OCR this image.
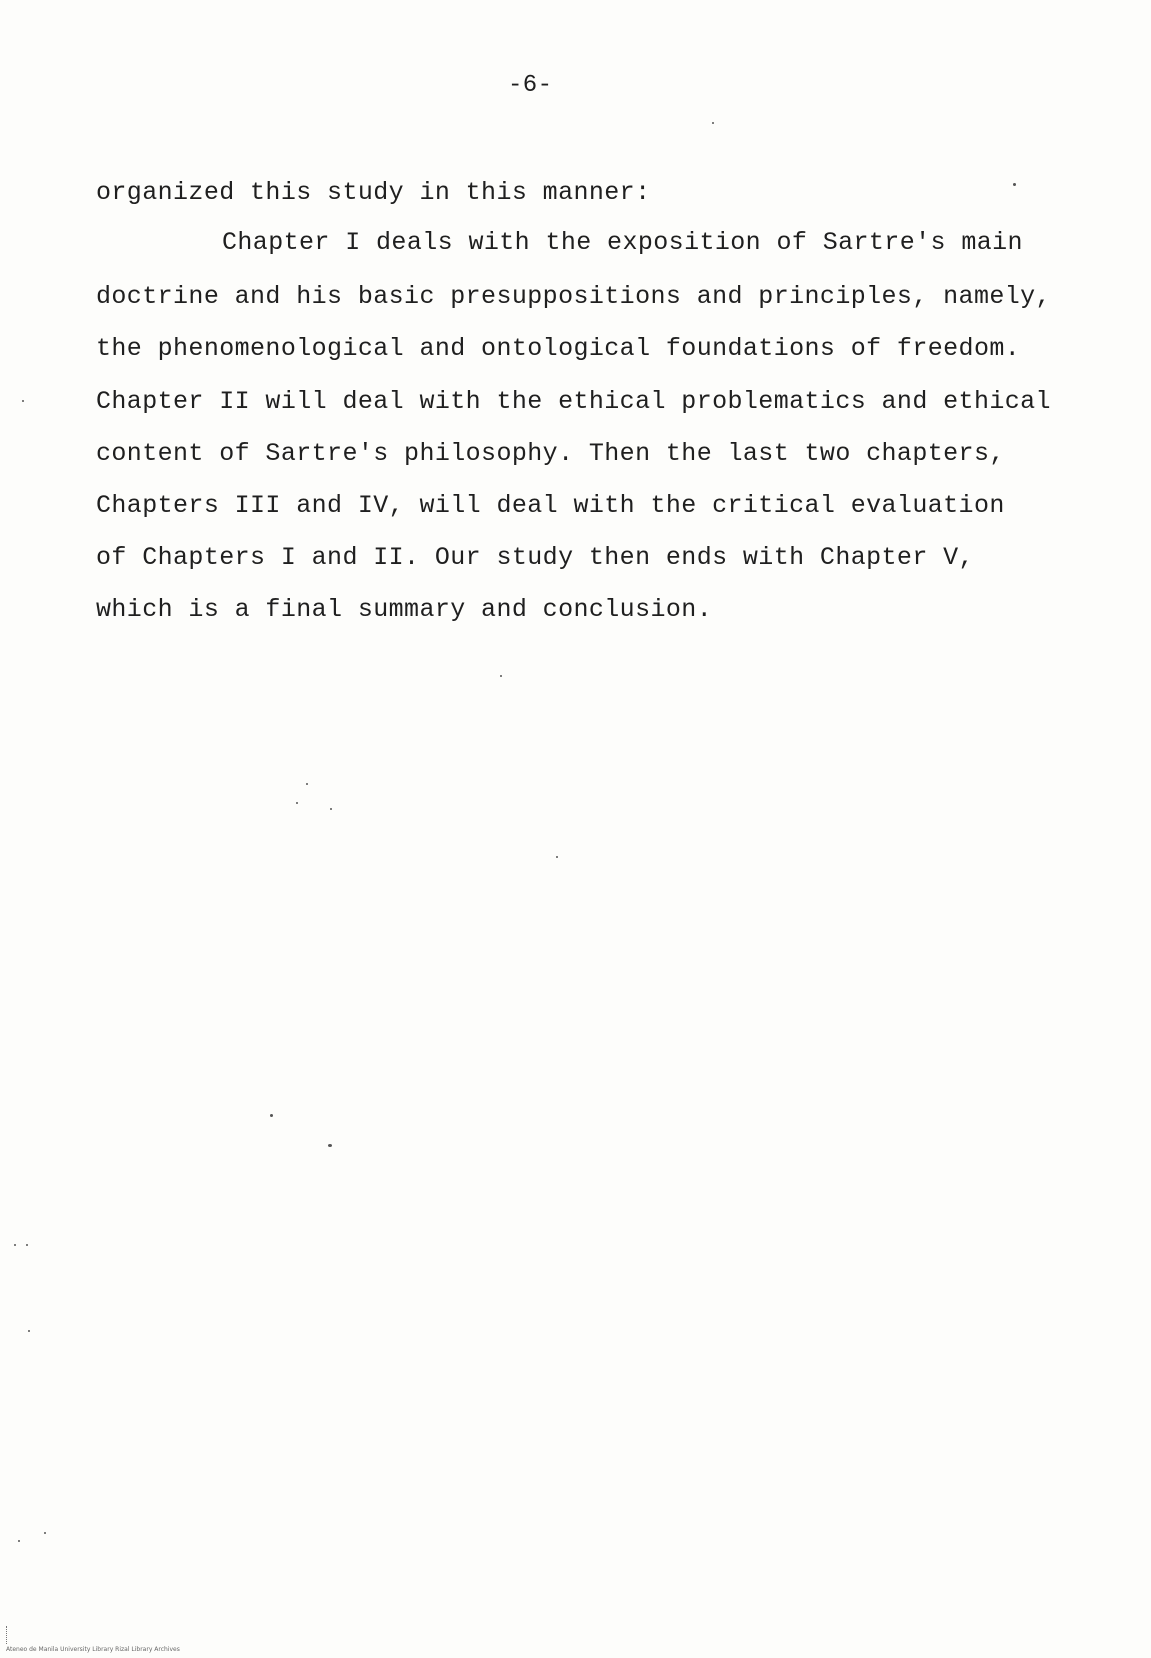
-6-
organized this study in this manner:
Chapter I deals with the exposition of Sartre's main
doctrine and his basic presuppositions and principles, namely,
the phenomenological and ontological foundations of freedom.
Chapter II will deal with the ethical problematics and ethical
content of Sartre's philosophy. Then the last two chapters,
Chapters III and IV, will deal with the critical evaluation
of Chapters I and II. Our study then ends with Chapter V,
which is a final summary and conclusion.
Ateneo de Manila University Library Rizal Library Archives
